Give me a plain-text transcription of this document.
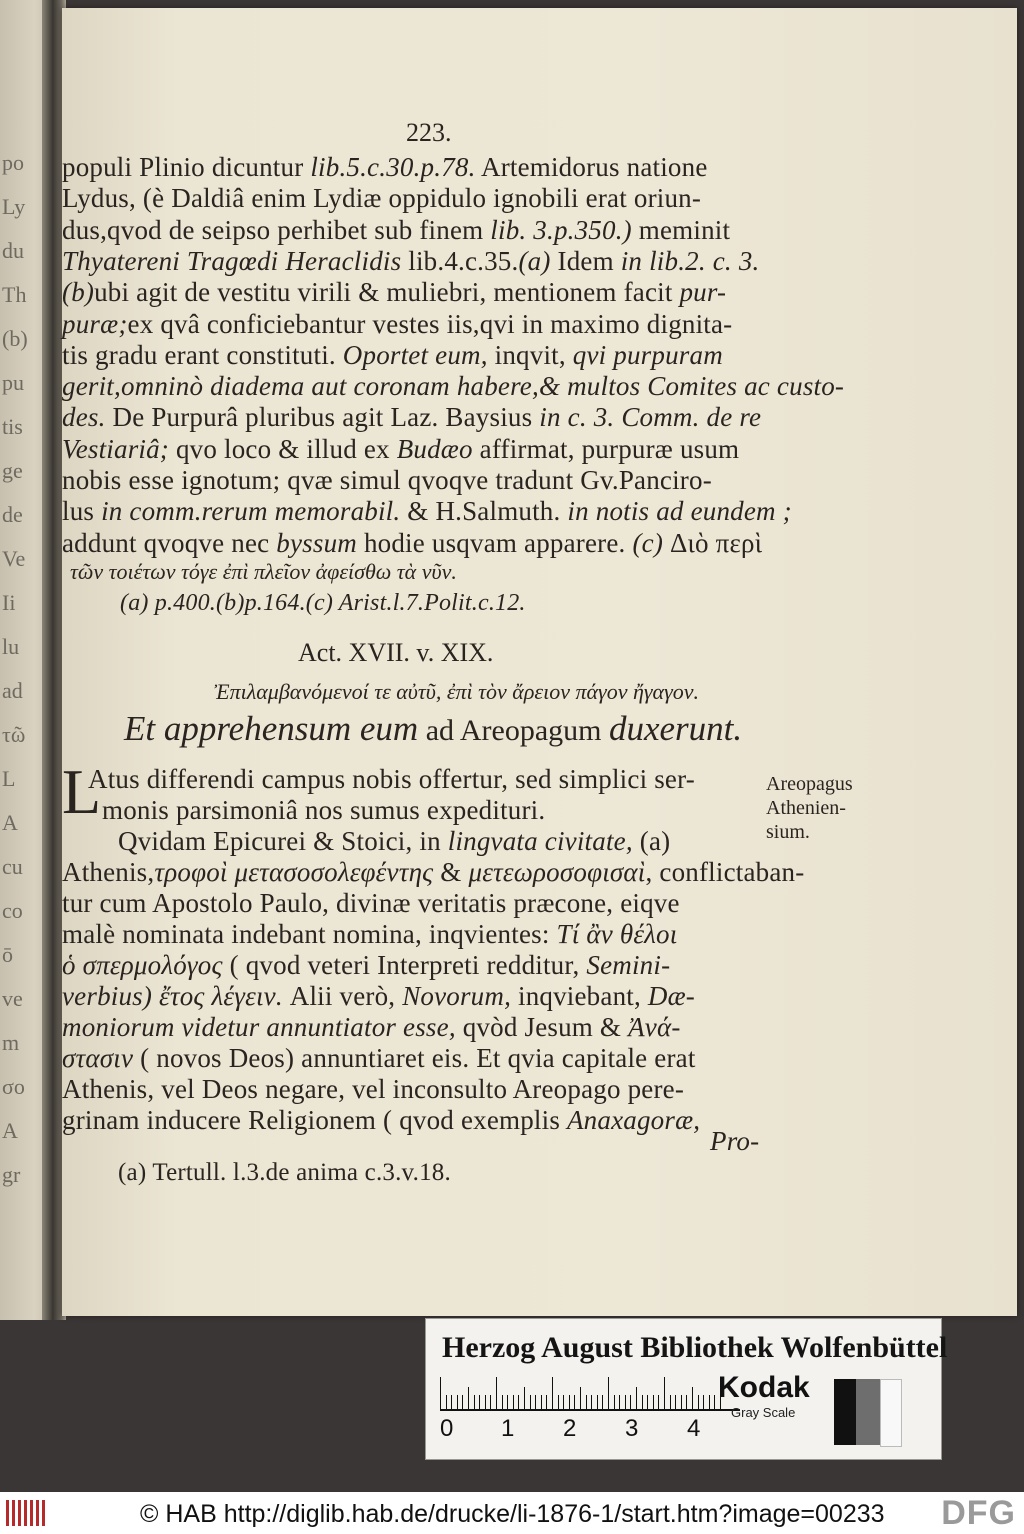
po
Ly
du
Th
(b)
pu
tis
ge
de
Ve
Ii
lu
ad
τῶ
L
A
cu
co
ō
ve
m
σο
A
gr
223.
populi Plinio dicuntur lib.5.c.30.p.78. Artemidorus natione
Lydus, (è Daldiâ enim Lydiæ oppidulo ignobili erat oriun-
dus,qvod de seipso perhibet sub finem lib. 3.p.350.) meminit
Thyatereni Tragœdi Heraclidis lib.4.c.35.(a) Idem in lib.2. c. 3.
(b)ubi agit de vestitu virili & muliebri, mentionem facit pur-
puræ;ex qvâ conficiebantur vestes iis,qvi in maximo dignita-
tis gradu erant constituti. Oportet eum, inqvit, qvi purpuram
gerit,omninò diadema aut coronam habere,& multos Comites ac custo-
des. De Purpurâ pluribus agit Laz. Baysius in c. 3. Comm. de re
Vestiariâ; qvo loco & illud ex Budæo affirmat, purpuræ usum
nobis esse ignotum; qvæ simul qvoqve tradunt Gv.Panciro-
lus in comm.rerum memorabil. & H.Salmuth. in notis ad eundem ;
addunt qvoqve nec byssum hodie usqvam apparere. (c) Διὸ περὶ
τῶν τοιέτων τόγε ἐπὶ πλεῖον ἀφείσθω τὰ νῦν.
(a) p.400.(b)p.164.(c) Arist.l.7.Polit.c.12.
Act. XVII. v. XIX.
Ἐπιλαμβανόμενοί τε αὐτῦ, ἐπὶ τὸν ἄρειον πάγον ἤγαγον.
Et apprehensum eum ad Areopagum duxerunt.
L
Atus differendi campus nobis offertur, sed simplici ser-
monis parsimoniâ nos sumus expedituri.
Qvidam Epicurei & Stoici, in lingvata civitate, (a)
Athenis,τροφοὶ μετασοσολεφέντης & μετεωροσοφισαὶ, conflictaban-
tur cum Apostolo Paulo, divinæ veritatis præcone, eiqve
malè nominata indebant nomina, inqvientes: Τί ἂν θέλοι
ὁ σπερμολόγος ( qvod veteri Interpreti redditur, Semini-
verbius) ἔτος λέγειν. Alii verò, Novorum, inqviebant, Dæ-
moniorum videtur annuntiator esse, qvòd Jesum & Ἀνά-
στασιν ( novos Deos) annuntiaret eis. Et qvia capitale erat
Athenis, vel Deos negare, vel inconsulto Areopago pere-
grinam inducere Religionem ( qvod exemplis Anaxagoræ,
Pro-
(a) Tertull. l.3.de anima c.3.v.18.
Areopagus
Athenien-
sium.
Herzog August Bibliothek Wolfenbüttel
0 1 2 3 4
Kodak
Gray Scale
© HAB http://diglib.hab.de/drucke/li-1876-1/start.htm?image=00233 DFG
